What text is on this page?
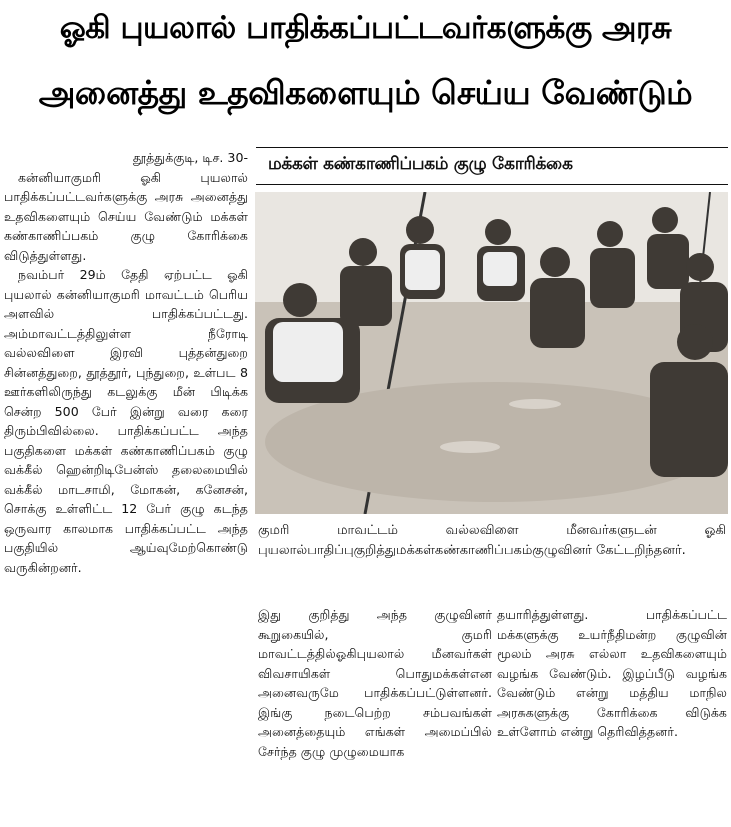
ஓகி புயலால் பாதிக்கப்பட்டவர்களுக்கு அரசு
அனைத்து உதவிகளையும் செய்ய வேண்டும்
மக்கள் கண்காணிப்பகம் குழு கோரிக்கை

தூத்துக்குடி, டிச. 30-

கன்னியாகுமரி ஓகி புயலால் பாதிக்கப்பட்டவர்களுக்கு அரசு அனைத்து உதவிகளையும் செய்ய வேண்டும் மக்கள் கண்காணிப்பகம் குழு கோரிக்கை விடுத்துள்ளது.

நவம்பர் 29ம் தேதி ஏற்பட்ட ஓகி புயலால் கன்னியாகுமரி மாவட்டம் பெரிய அளவில் பாதிக்கப்பட்டது. அம்மாவட்டத்திலுள்ள நீரோடி வல்லவிளை இரவி புத்தன்துறை சின்னத்துறை, தூத்தூர், புந்துறை, உள்பட 8 ஊர்களிலிருந்து கடலுக்கு மீன் பிடிக்க சென்ற 500 பேர் இன்று வரை கரை திரும்பிவில்லை. பாதிக்கப்பட்ட அந்த பகுதிகளை மக்கள் கண்காணிப்பகம் குழு வக்கீல் ஹென்றிடிபேன்ஸ் தலைமையில் வக்கீல் மாடசாமி, மோகன், கனேசன், சொக்கு உள்ளிட்ட 12 பேர் குழு கடந்த ஒருவார காலமாக பாதிக்கப்பட்ட அந்த பகுதியில் ஆய்வுமேற்கொண்டு வருகின்றனர்.

குமரி மாவட்டம் வல்லவிளை மீனவர்களுடன் ஓகி புயலால்பாதிப்புகுறித்துமக்கள்கண்காணிப்பகம்குழுவினர் கேட்டறிந்தனர்.

இது குறித்து அந்த குழுவினர் கூறுகையில், குமரி மாவட்டத்தில்ஓகிபுயலால் மீனவர்கள் விவசாயிகள் பொதுமக்கள்என அனைவருமே பாதிக்கப்பட்டுள்ளனர். இங்கு நடைபெற்ற சம்பவங்கள் அனைத்தையும் எங்கள் அமைப்பில் சேர்ந்த குழு முழுமையாக

தயாரித்துள்ளது. பாதிக்கப்பட்ட மக்களுக்கு உயர்நீதிமன்ற குழுவின் மூலம் அரசு எல்லா உதவிகளையும் வழங்க வேண்டும். இழப்பீடு வழங்க வேண்டும் என்று மத்திய மாநில அரசுகளுக்கு கோரிக்கை விடுக்க உள்ளோம் என்று தெரிவித்தனர்.
